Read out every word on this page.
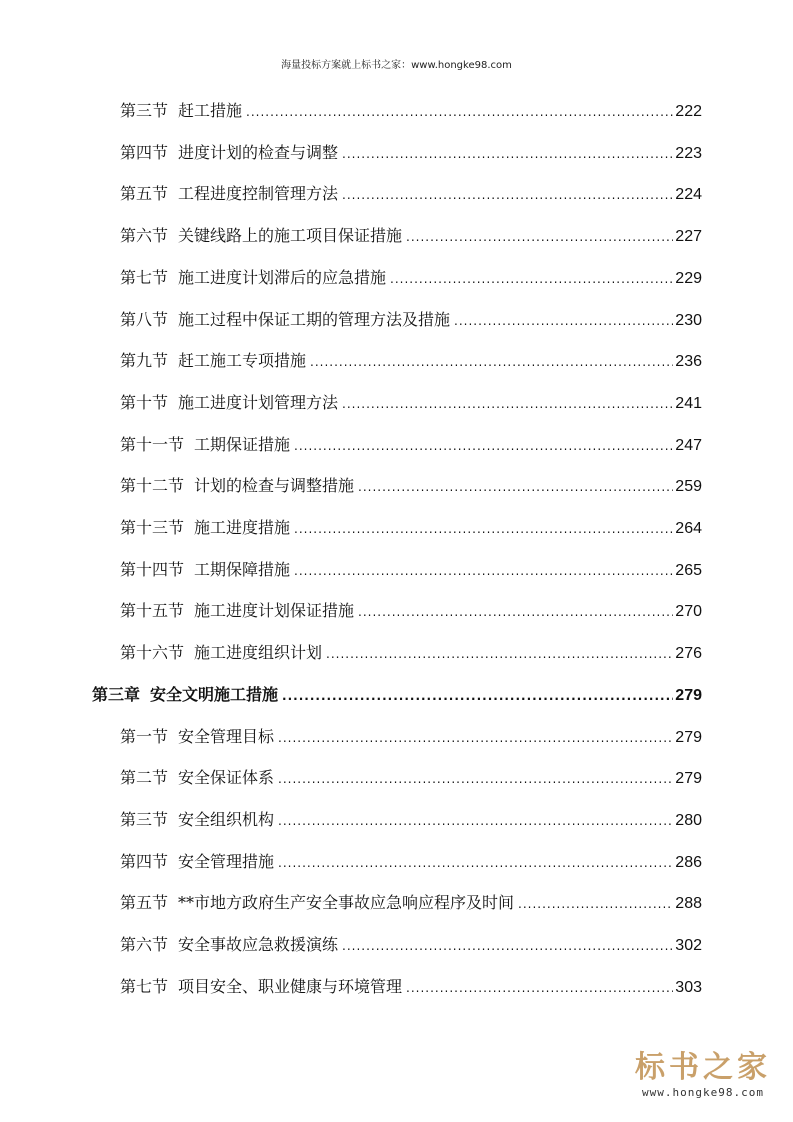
海量投标方案就上标书之家：www.hongke98.com
第三节 赶工措施 .....	222
第四节 进度计划的检查与调整 .....	223
第五节 工程进度控制管理方法 .....	224
第六节 关键线路上的施工项目保证措施 .....	227
第七节 施工进度计划滞后的应急措施 .....	229
第八节 施工过程中保证工期的管理方法及措施 .....	230
第九节 赶工施工专项措施 .....	236
第十节 施工进度计划管理方法 .....	241
第十一节 工期保证措施 .....	247
第十二节 计划的检查与调整措施 .....	259
第十三节 施工进度措施 .....	264
第十四节 工期保障措施 .....	265
第十五节 施工进度计划保证措施 .....	270
第十六节 施工进度组织计划 .....	276
第三章 安全文明施工措施 .....	279
第一节 安全管理目标 .....	279
第二节 安全保证体系 .....	279
第三节 安全组织机构 .....	280
第四节 安全管理措施 .....	286
第五节 **市地方政府生产安全事故应急响应程序及时间 .....	288
第六节 安全事故应急救援演练 .....	302
第七节 项目安全、职业健康与环境管理 .....	303
标书之家
www.hongke98.com
